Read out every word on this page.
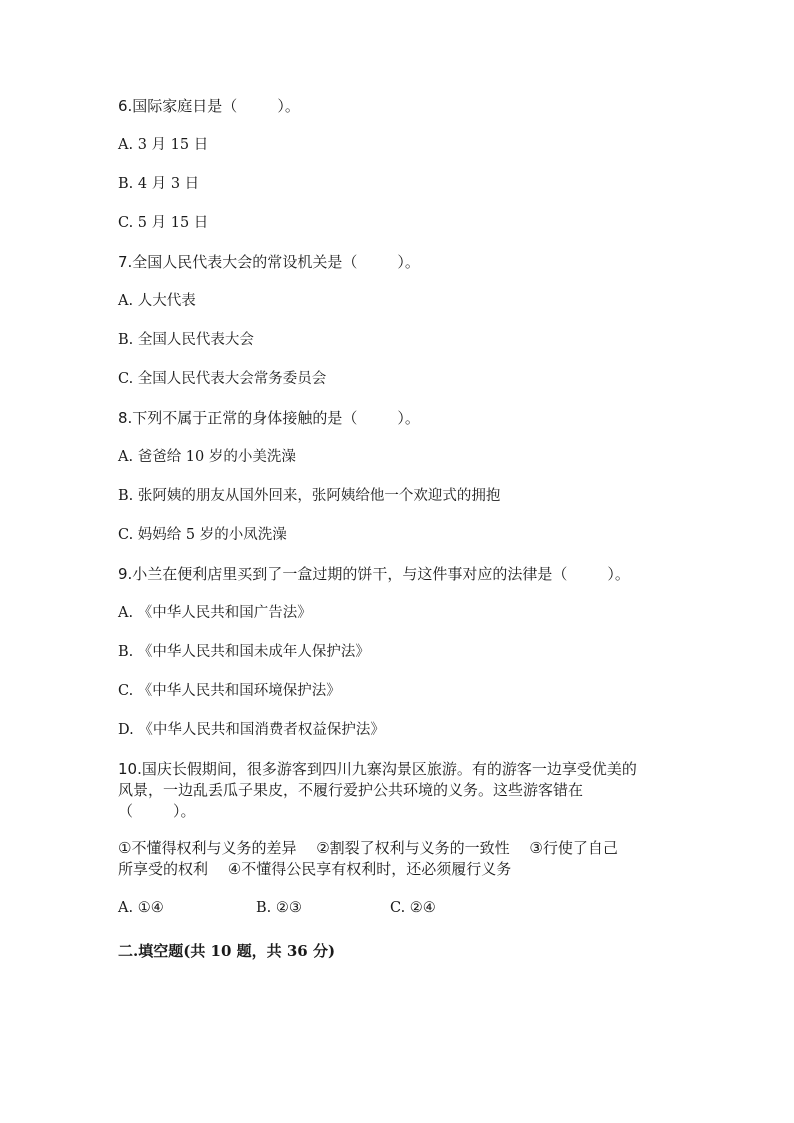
6.国际家庭日是（	）。
A. 3 月 15 日
B. 4 月 3 日
C. 5 月 15 日
7.全国人民代表大会的常设机关是（	）。
A. 人大代表
B. 全国人民代表大会
C. 全国人民代表大会常务委员会
8.下列不属于正常的身体接触的是（	）。
A. 爸爸给 10 岁的小美洗澡
B. 张阿姨的朋友从国外回来，张阿姨给他一个欢迎式的拥抱
C. 妈妈给 5 岁的小凤洗澡
9.小兰在便利店里买到了一盒过期的饼干，与这件事对应的法律是（	）。
A. 《中华人民共和国广告法》
B. 《中华人民共和国未成年人保护法》
C. 《中华人民共和国环境保护法》
D. 《中华人民共和国消费者权益保护法》
10.国庆长假期间，很多游客到四川九寨沟景区旅游。有的游客一边享受优美的
风景，一边乱丢瓜子果皮，不履行爱护公共环境的义务。这些游客错在
（	）。
①不懂得权利与义务的差异　 ②割裂了权利与义务的一致性　 ③行使了自己
所享受的权利　 ④不懂得公民享有权利时，还必须履行义务
A. ①④	B. ②③	C. ②④
二.填空题(共 10 题，共 36 分)
